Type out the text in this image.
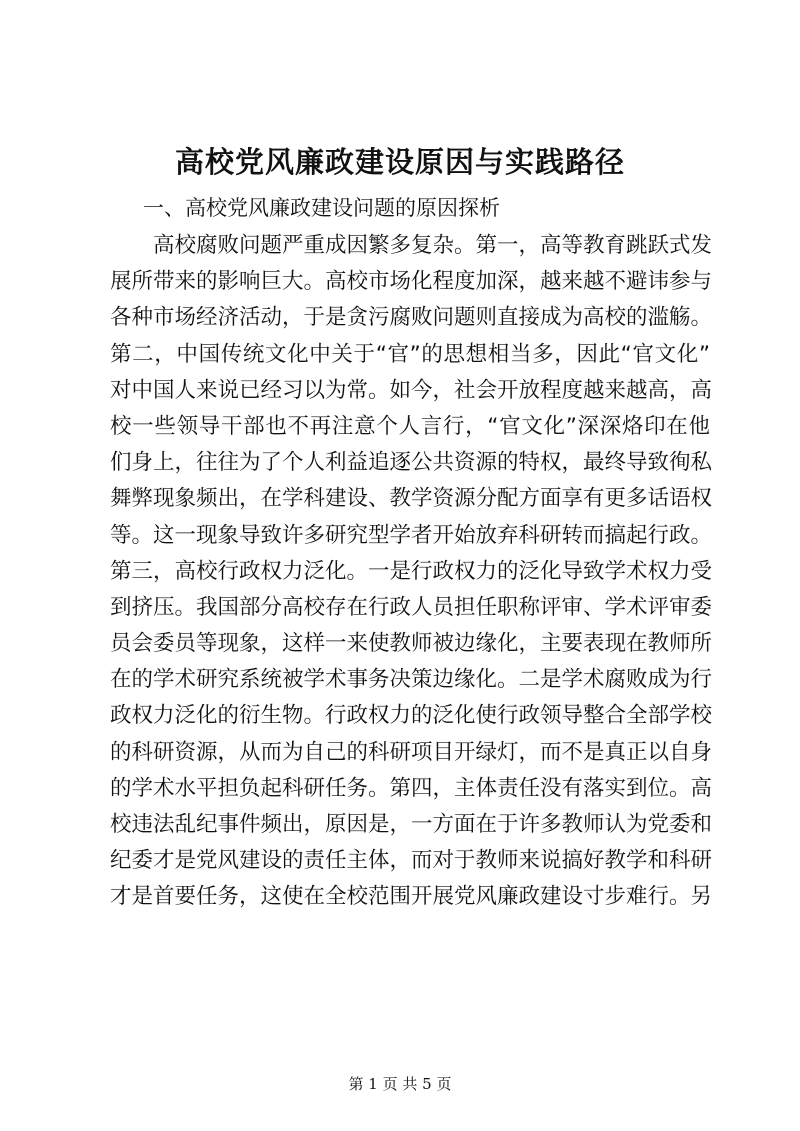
高校党风廉政建设原因与实践路径

一、高校党风廉政建设问题的原因探析

高校腐败问题严重成因繁多复杂。第一，高等教育跳跃式发
展所带来的影响巨大。高校市场化程度加深，越来越不避讳参与
各种市场经济活动，于是贪污腐败问题则直接成为高校的滥觞。
第二，中国传统文化中关于“官”的思想相当多，因此“官文化”
对中国人来说已经习以为常。如今，社会开放程度越来越高，高
校一些领导干部也不再注意个人言行，“官文化”深深烙印在他
们身上，往往为了个人利益追逐公共资源的特权，最终导致徇私
舞弊现象频出，在学科建设、教学资源分配方面享有更多话语权
等。这一现象导致许多研究型学者开始放弃科研转而搞起行政。
第三，高校行政权力泛化。一是行政权力的泛化导致学术权力受
到挤压。我国部分高校存在行政人员担任职称评审、学术评审委
员会委员等现象，这样一来使教师被边缘化，主要表现在教师所
在的学术研究系统被学术事务决策边缘化。二是学术腐败成为行
政权力泛化的衍生物。行政权力的泛化使行政领导整合全部学校
的科研资源，从而为自己的科研项目开绿灯，而不是真正以自身
的学术水平担负起科研任务。第四，主体责任没有落实到位。高
校违法乱纪事件频出，原因是，一方面在于许多教师认为党委和
纪委才是党风建设的责任主体，而对于教师来说搞好教学和科研
才是首要任务，这使在全校范围开展党风廉政建设寸步难行。另
第 1 页 共 5 页
